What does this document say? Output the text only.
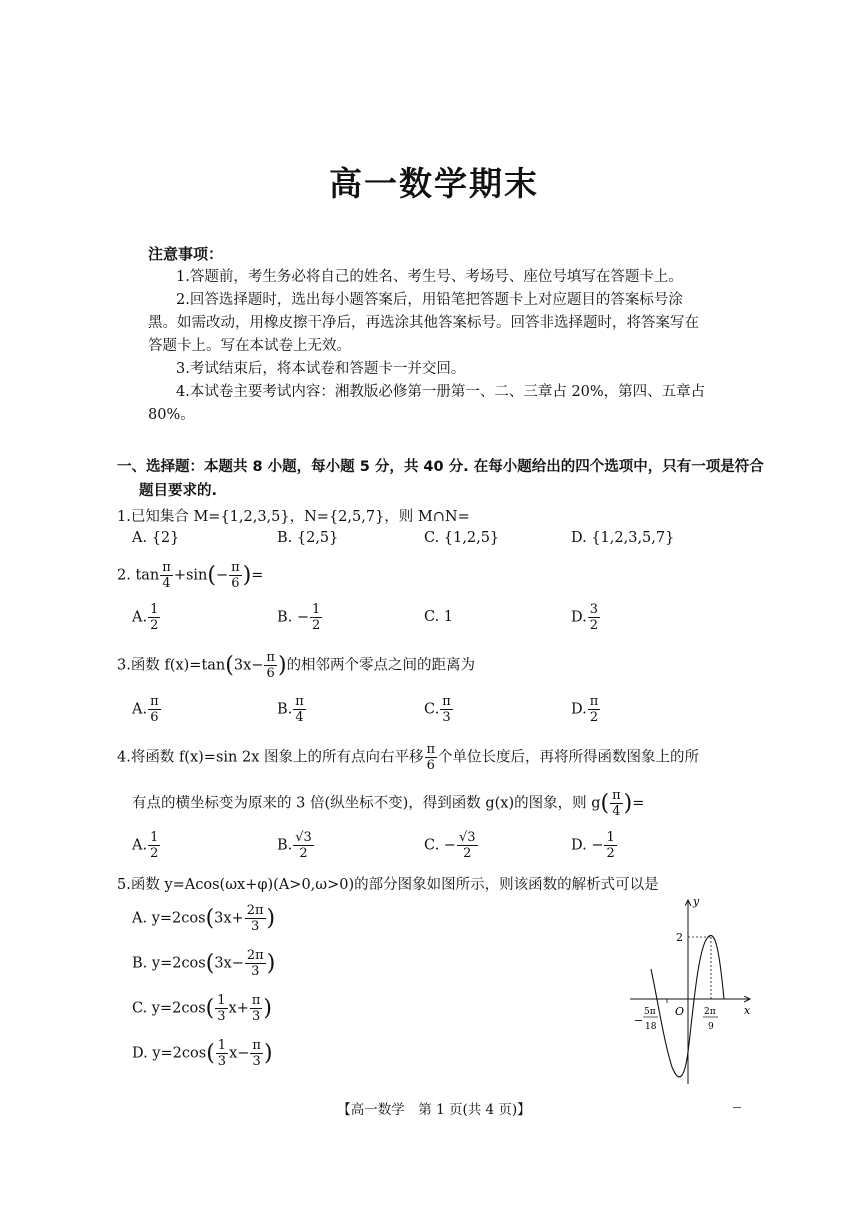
高一数学期末
注意事项：
1.答题前，考生务必将自己的姓名、考生号、考场号、座位号填写在答题卡上。
2.回答选择题时，选出每小题答案后，用铅笔把答题卡上对应题目的答案标号涂
黑。如需改动，用橡皮擦干净后，再选涂其他答案标号。回答非选择题时，将答案写在
答题卡上。写在本试卷上无效。
3.考试结束后，将本试卷和答题卡一并交回。
4.本试卷主要考试内容：湘教版必修第一册第一、二、三章占 20%，第四、五章占
80%。
一、选择题：本题共 8 小题，每小题 5 分，共 40 分. 在每小题给出的四个选项中，只有一项是符合
题目要求的.
1.已知集合 M={1,2,3,5}，N={2,5,7}，则 M∩N=
A. {2}	B. {2,5}	C. {1,2,5}	D. {1,2,3,5,7}
2. $\tan \frac{\pi}{4} +\sin(- \frac{\pi}{6}$ )=
A. $\frac{1}{2}$	B. − $\frac{1}{2}$	C. 1	D. $\frac{3}{2}$
3.函数 $f(x)=\tan(3x- \frac{\pi}{6}$ )的相邻两个零点之间的距离为
A. $\frac{\pi}{6}$	B. $\frac{\pi}{4}$	C. $\frac{\pi}{3}$	D. $\frac{\pi}{2}$
4.将函数 f(x)=sin 2x 图象上的所有点向右平移 $\frac{\pi}{6}$ 个单位长度后，再将所得函数图象上的所
有点的横坐标变为原来的 3 倍(纵坐标不变)，得到函数 g(x)的图象，则 $g( \frac{\pi}{4}$ )=
A. $\frac{1}{2}$	B. $\frac{√3}{2}$	C. − $\frac{√3}{2}$	D. − $\frac{1}{2}$
5.函数 y=Acos(ωx+φ)(A>0,ω>0)的部分图象如图所示，则该函数的解析式可以是
A. $y=2\cos(3x+ \frac{2\pi}{3}$ )
B. $y=2\cos(3x- \frac{2\pi}{3}$ )
C. $y=2\cos( \frac{1}{3} x+ \frac{\pi}{3}$ )
D. $y=2\cos( \frac{1}{3} x- \frac{\pi}{3}$ )
y
x
O
2
−
5π
18
2π
9
【高一数学　第 1 页(共 4 页)】
